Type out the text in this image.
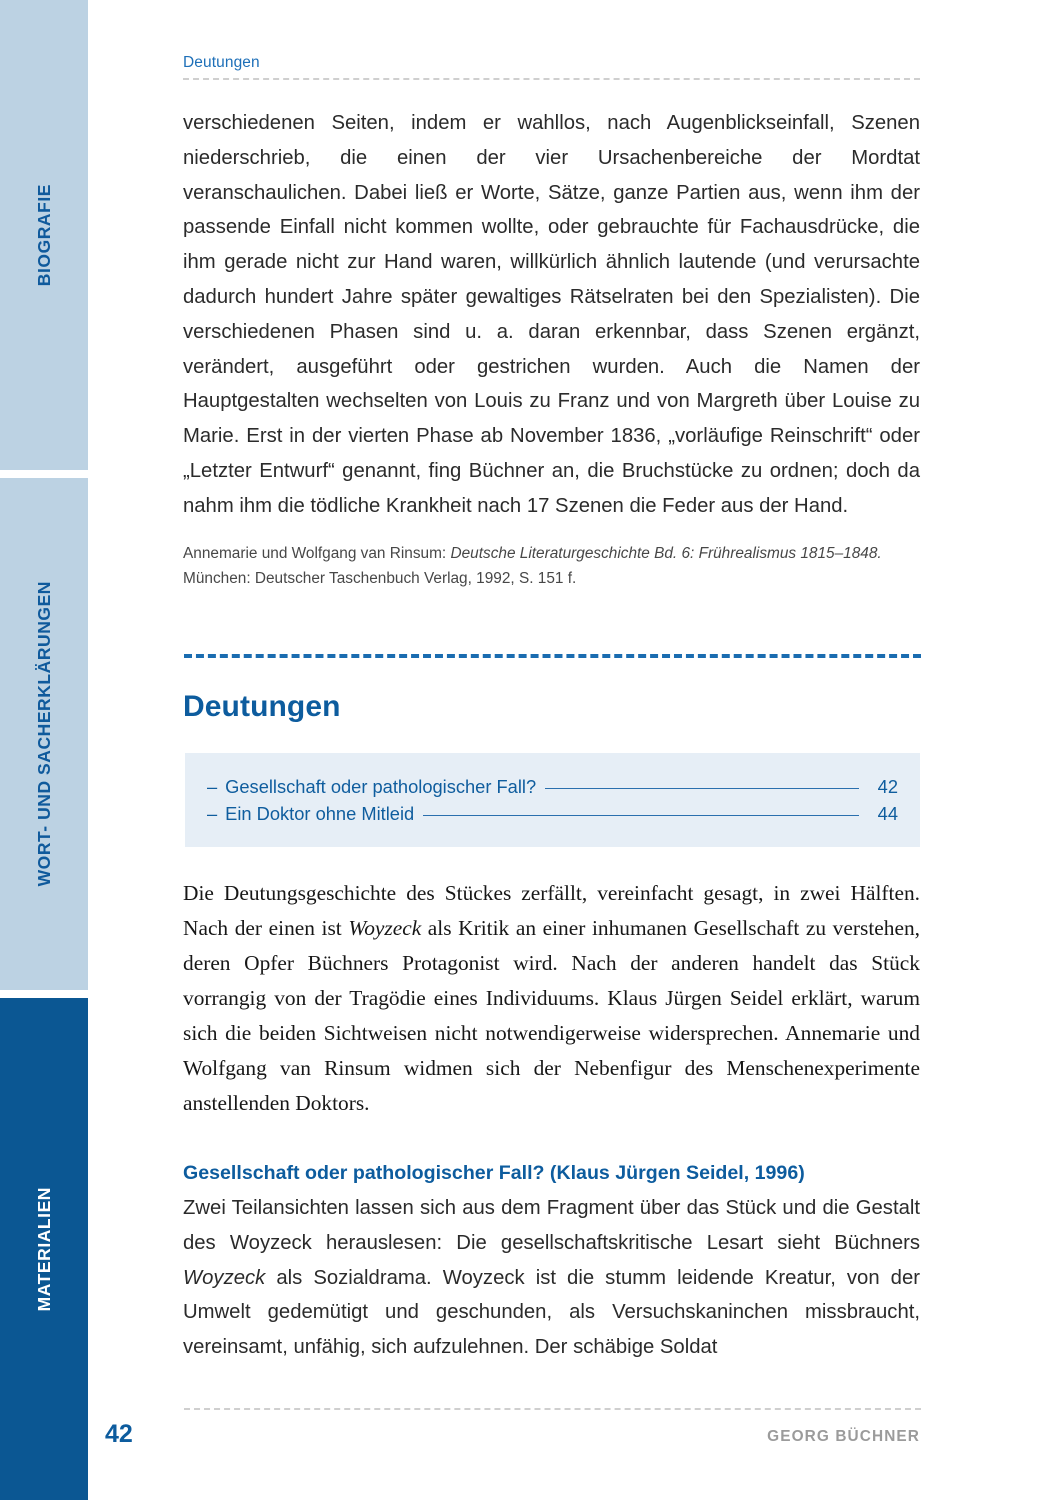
BIOGRAFIE
WORT- UND SACHERKLÄRUNGEN
MATERIALIEN
Deutungen

verschiedenen Seiten, indem er wahllos, nach Augenblickseinfall, Szenen niederschrieb, die einen der vier Ursachenbereiche der Mordtat veranschaulichen. Dabei ließ er Worte, Sätze, ganze Partien aus, wenn ihm der passende Einfall nicht kommen wollte, oder gebrauchte für Fachausdrücke, die ihm gerade nicht zur Hand waren, willkürlich ähnlich lautende (und verursachte dadurch hundert Jahre später gewaltiges Rätselraten bei den Spezialisten). Die verschiedenen Phasen sind u. a. daran erkennbar, dass Szenen ergänzt, verändert, ausgeführt oder gestrichen wurden. Auch die Namen der Hauptgestalten wechselten von Louis zu Franz und von Margreth über Louise zu Marie. Erst in der vierten Phase ab November 1836, „vorläufige Reinschrift“ oder „Letzter Entwurf“ genannt, fing Büchner an, die Bruchstücke zu ordnen; doch da nahm ihm die tödliche Krankheit nach 17 Szenen die Feder aus der Hand.

Annemarie und Wolfgang van Rinsum: Deutsche Literaturgeschichte Bd. 6: Frührealismus 1815–1848. München: Deutscher Taschenbuch Verlag, 1992, S. 151 f.

Deutungen
– Gesellschaft oder pathologischer Fall?	42
– Ein Doktor ohne Mitleid	44

Die Deutungsgeschichte des Stückes zerfällt, vereinfacht gesagt, in zwei Hälften. Nach der einen ist Woyzeck als Kritik an einer inhumanen Gesellschaft zu verstehen, deren Opfer Büchners Protagonist wird. Nach der anderen handelt das Stück vorrangig von der Tragödie eines Individuums. Klaus Jürgen Seidel erklärt, warum sich die beiden Sichtweisen nicht notwendigerweise widersprechen. Annemarie und Wolfgang van Rinsum widmen sich der Nebenfigur des Menschenexperimente anstellenden Doktors.

Gesellschaft oder pathologischer Fall? (Klaus Jürgen Seidel, 1996)

Zwei Teilansichten lassen sich aus dem Fragment über das Stück und die Gestalt des Woyzeck herauslesen: Die gesellschaftskritische Lesart sieht Büchners Woyzeck als Sozialdrama. Woyzeck ist die stumm leidende Kreatur, von der Umwelt gedemütigt und geschunden, als Versuchskaninchen missbraucht, vereinsamt, unfähig, sich aufzulehnen. Der schäbige Soldat

GEORG BÜCHNER
42
